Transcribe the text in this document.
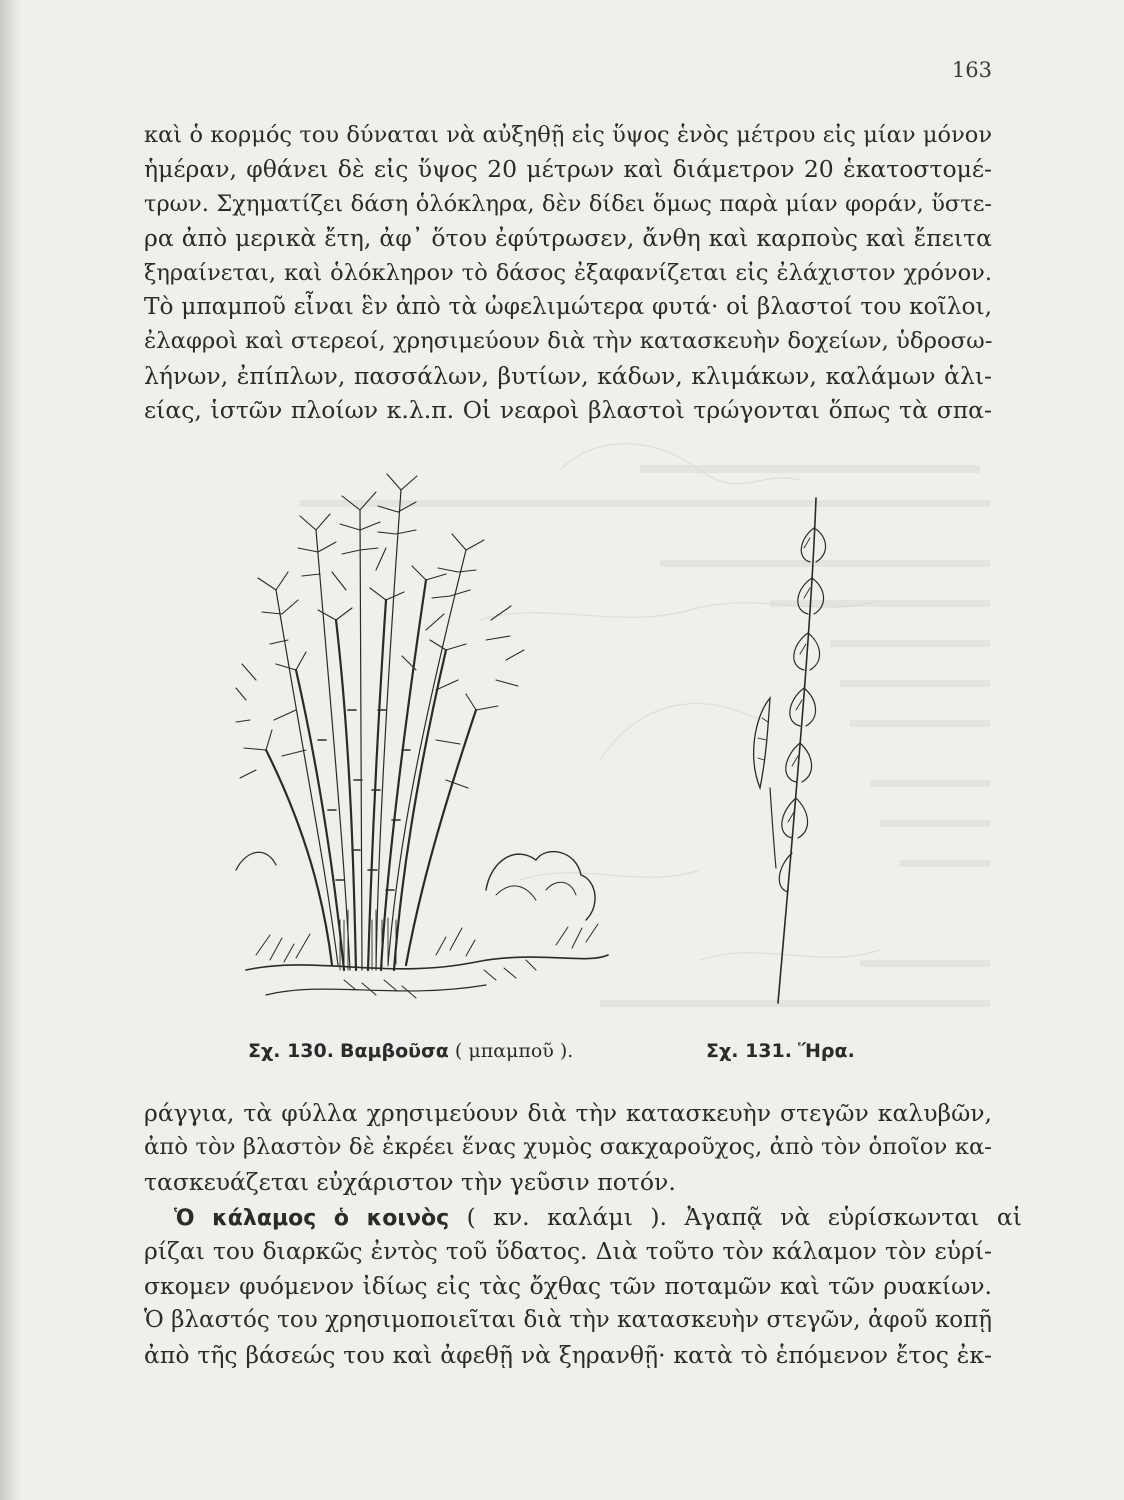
163
καὶ ὁ κορμός του δύναται νὰ αὐξηθῇ εἰς ὕψος ἑνὸς μέτρου εἰς μίαν μόνον
ἡμέραν, φθάνει δὲ εἰς ὕψος 20 μέτρων καὶ διάμετρον 20 ἑκατοστομέ-
τρων. Σχηματίζει δάση ὁλόκληρα, δὲν δίδει ὅμως παρὰ μίαν φοράν, ὕστε-
ρα ἀπὸ μερικὰ ἔτη, ἀφ᾽ ὅτου ἐφύτρωσεν, ἄνθη καὶ καρποὺς καὶ ἔπειτα
ξηραίνεται, καὶ ὁλόκληρον τὸ δάσος ἐξαφανίζεται εἰς ἐλάχιστον χρόνον.
Τὸ μπαμποῦ εἶναι ἓν ἀπὸ τὰ ὠφελιμώτερα φυτά· οἱ βλαστοί του κοῖλοι,
ἐλαφροὶ καὶ στερεοί, χρησιμεύουν διὰ τὴν κατασκευὴν δοχείων, ὑδροσω-
λήνων, ἐπίπλων, πασσάλων, βυτίων, κάδων, κλιμάκων, καλάμων ἁλι-
είας, ἱστῶν πλοίων κ.λ.π. Οἱ νεαροὶ βλαστοὶ τρώγονται ὅπως τὰ σπα-
Σχ. 130. Βαμβοῦσα ( μπαμποῦ ).	Σχ. 131. Ἥρα.
ράγγια, τὰ φύλλα χρησιμεύουν διὰ τὴν κατασκευὴν στεγῶν καλυβῶν,
ἀπὸ τὸν βλαστὸν δὲ ἐκρέει ἕνας χυμὸς σακχαροῦχος, ἀπὸ τὸν ὁποῖον κα-
τασκευάζεται εὐχάριστον τὴν γεῦσιν ποτόν.
Ὁ κάλαμος ὁ κοινὸς ( κν. καλάμι ). Ἀγαπᾷ νὰ εὑρίσκωνται αἱ
ρίζαι του διαρκῶς ἐντὸς τοῦ ὕδατος. Διὰ τοῦτο τὸν κάλαμον τὸν εὑρί-
σκομεν φυόμενον ἰδίως εἰς τὰς ὄχθας τῶν ποταμῶν καὶ τῶν ρυακίων.
Ὁ βλαστός του χρησιμοποιεῖται διὰ τὴν κατασκευὴν στεγῶν, ἀφοῦ κοπῇ
ἀπὸ τῆς βάσεώς του καὶ ἀφεθῇ νὰ ξηρανθῇ· κατὰ τὸ ἑπόμενον ἔτος ἐκ-
